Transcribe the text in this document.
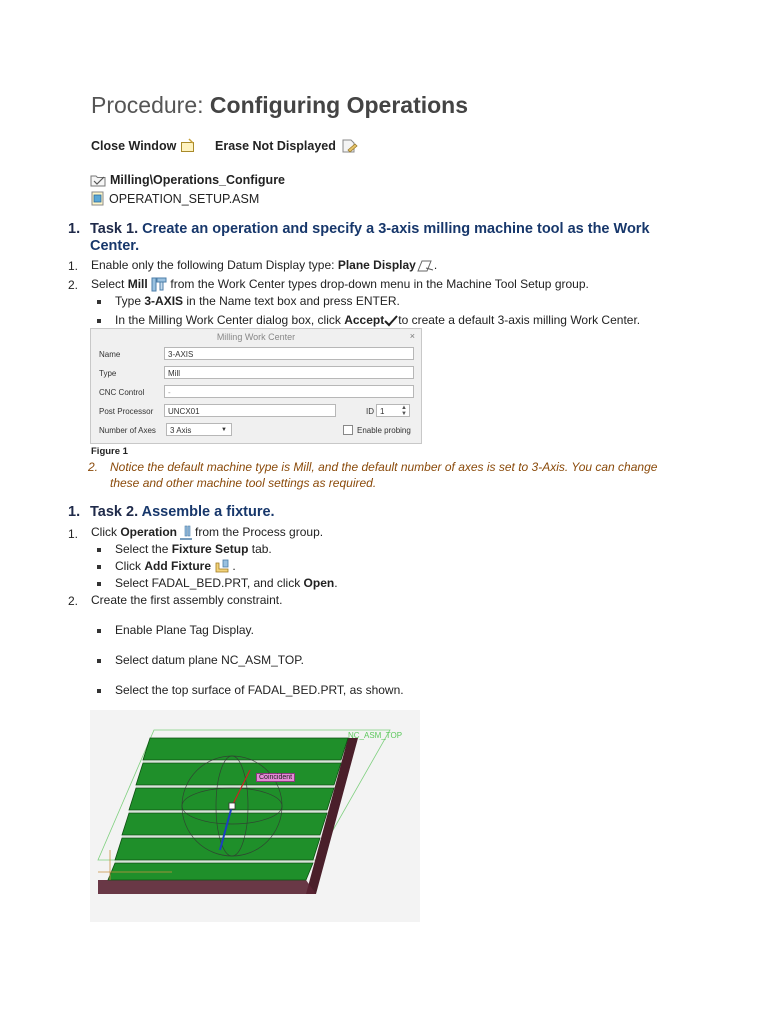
Procedure: Configuring Operations
Close Window	Erase Not Displayed
Milling\Operations_Configure
OPERATION_SETUP.ASM
1. Task 1. Create an operation and specify a 3-axis milling machine tool as the Work Center.
1. Enable only the following Datum Display type: Plane Display .
2. Select Mill from the Work Center types drop-down menu in the Machine Tool Setup group.
Type 3-AXIS in the Name text box and press ENTER.
In the Milling Work Center dialog box, click Accept to create a default 3-axis milling Work Center.
Milling Work Center	×
Name	3-AXIS
Type	Mill
CNC Control	-
Post Processor	UNCX01	ID 1	▲
▼
Number of Axes	3 Axis	▼	Enable probing
Figure 1
2. Notice the default machine type is Mill, and the default number of axes is set to 3-Axis. You can change these and other machine tool settings as required.
1. Task 2. Assemble a fixture.
1. Click Operation from the Process group.
Select the Fixture Setup tab.
Click Add Fixture .
Select FADAL_BED.PRT, and click Open.
2. Create the first assembly constraint.
Enable Plane Tag Display.
Select datum plane NC_ASM_TOP.
Select the top surface of FADAL_BED.PRT, as shown.
NC_ASM_TOP
Coincident
